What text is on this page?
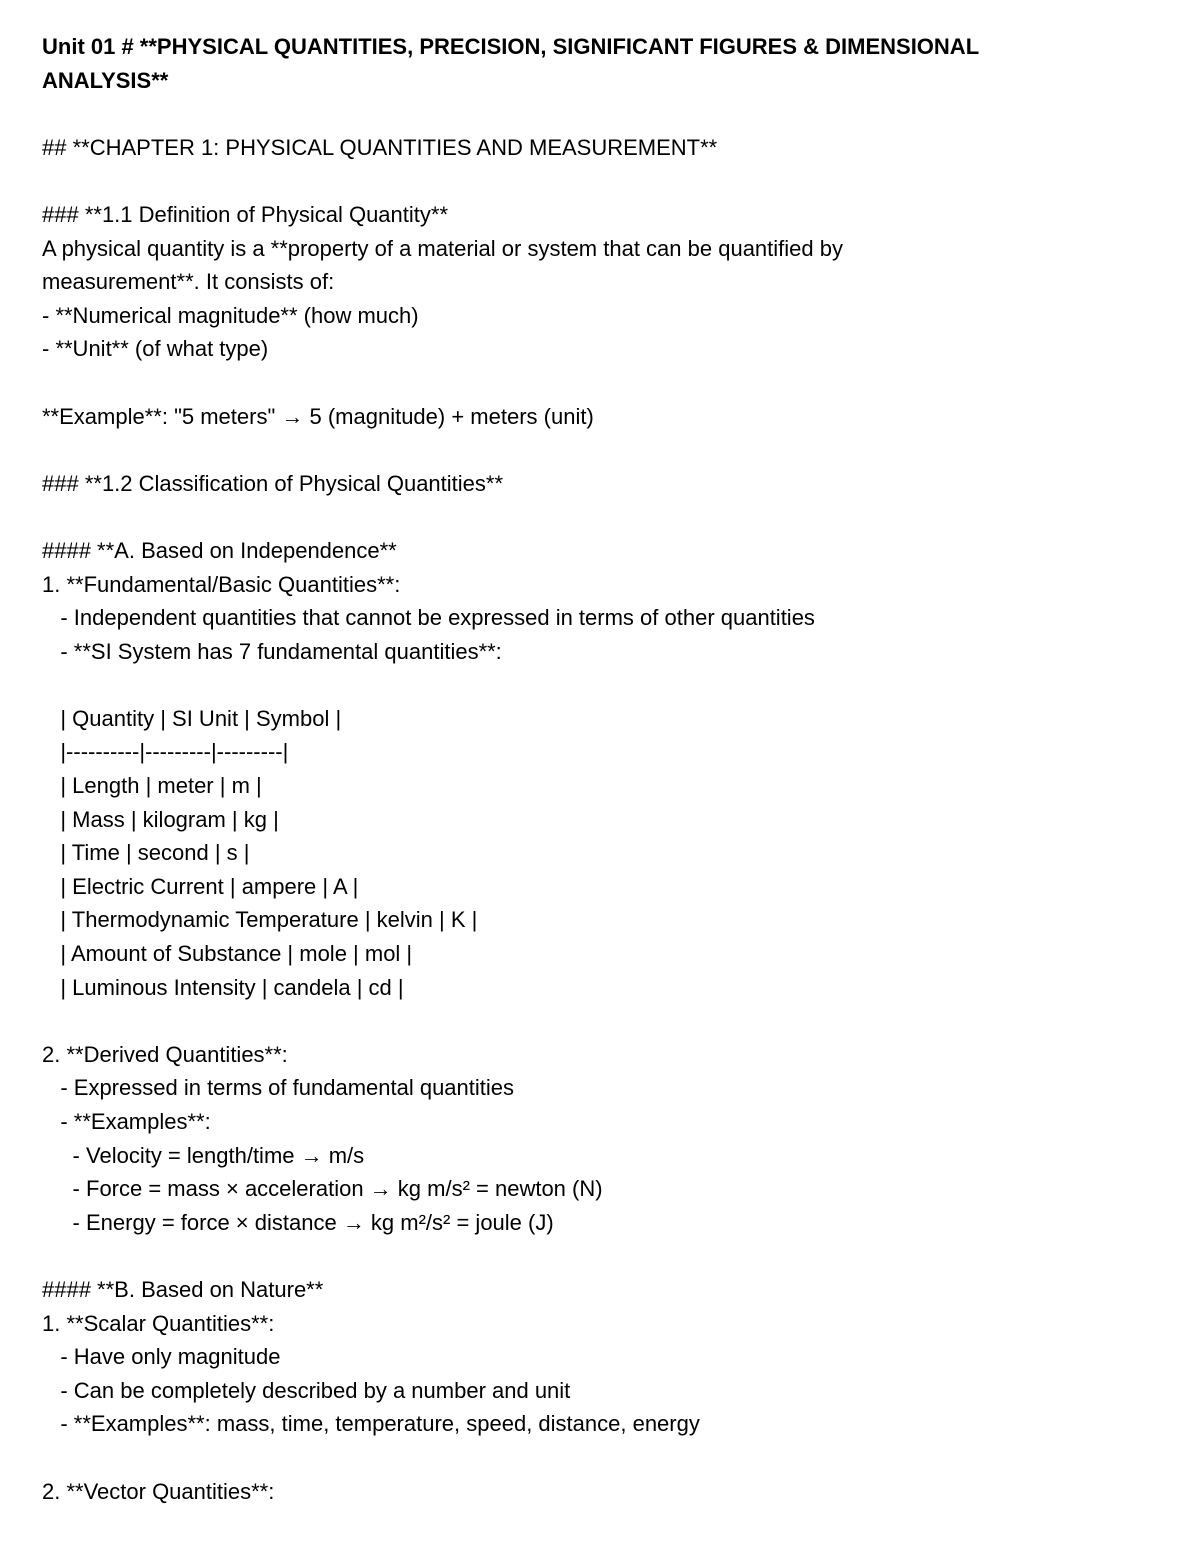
Unit 01 # **PHYSICAL QUANTITIES, PRECISION, SIGNIFICANT FIGURES & DIMENSIONAL
ANALYSIS**
## **CHAPTER 1: PHYSICAL QUANTITIES AND MEASUREMENT**
### **1.1 Definition of Physical Quantity**
A physical quantity is a **property of a material or system that can be quantified by
measurement**. It consists of:
- **Numerical magnitude** (how much)
- **Unit** (of what type)
**Example**: "5 meters" → 5 (magnitude) + meters (unit)
### **1.2 Classification of Physical Quantities**
#### **A. Based on Independence**
1. **Fundamental/Basic Quantities**:
- Independent quantities that cannot be expressed in terms of other quantities
- **SI System has 7 fundamental quantities**:
| Quantity | SI Unit | Symbol |
|----------|---------|---------|
| Length | meter | m |
| Mass | kilogram | kg |
| Time | second | s |
| Electric Current | ampere | A |
| Thermodynamic Temperature | kelvin | K |
| Amount of Substance | mole | mol |
| Luminous Intensity | candela | cd |
2. **Derived Quantities**:
- Expressed in terms of fundamental quantities
- **Examples**:
- Velocity = length/time → m/s
- Force = mass × acceleration → kg m/s² = newton (N)
- Energy = force × distance → kg m²/s² = joule (J)
#### **B. Based on Nature**
1. **Scalar Quantities**:
- Have only magnitude
- Can be completely described by a number and unit
- **Examples**: mass, time, temperature, speed, distance, energy
2. **Vector Quantities**:
